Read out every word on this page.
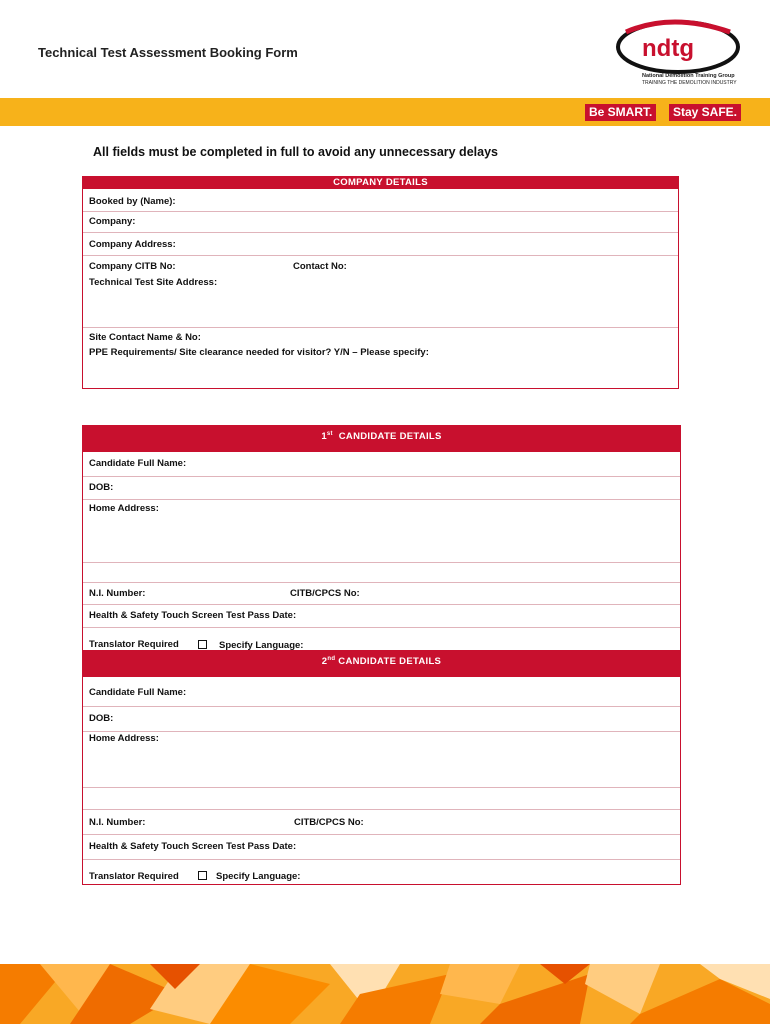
Technical Test Assessment Booking Form	ndtg
National Demolition Training Group
TRAINING THE DEMOLITION INDUSTRY
Be SMART.	Stay SAFE.
All fields must be completed in full to avoid any unnecessary delays
COMPANY DETAILS
Booked by (Name):
Company:
Company Address:
Company CITB No:	Contact No:
Technical Test Site Address:
Site Contact Name & No:
PPE Requirements/ Site clearance needed for visitor? Y/N – Please specify:
1st CANDIDATE DETAILS
Candidate Full Name:
DOB:
Home Address:
N.I. Number:	CITB/CPCS No:
Health & Safety Touch Screen Test Pass Date:
Translator Required	Specify Language:
2nd CANDIDATE DETAILS
Candidate Full Name:
DOB:
Home Address:
N.I. Number:	CITB/CPCS No:
Health & Safety Touch Screen Test Pass Date:
Translator Required	Specify Language:
